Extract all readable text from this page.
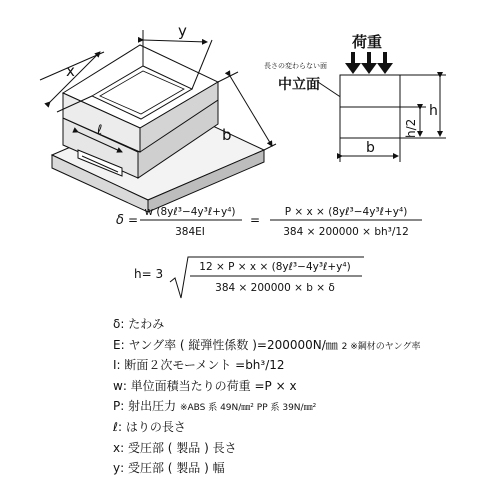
x
y
ℓ	b
荷重
長さの変わらない面
中立面
h
h/2
b
δ =
w (8yℓ³−4y³ℓ+y⁴)
384EI
=
P × x × (8yℓ³−4y³ℓ+y⁴)
384 × 200000 × bh³/12
h= 3	12 × P × x × (8yℓ³−4y³ℓ+y⁴)
384 × 200000 × b × δ
δ: たわみ
E: ヤング率 ( 縦弾性係数 )=200000N/㎜ 2 ※鋼材のヤング率
I: 断面２次モーメント =bh³/12
w: 単位面積当たりの荷重 =P × x
P: 射出圧力 ※ABS 系 49N/㎜² PP 系 39N/㎜²
ℓ: はりの長さ
x: 受圧部 ( 製品 ) 長さ
y: 受圧部 ( 製品 ) 幅
